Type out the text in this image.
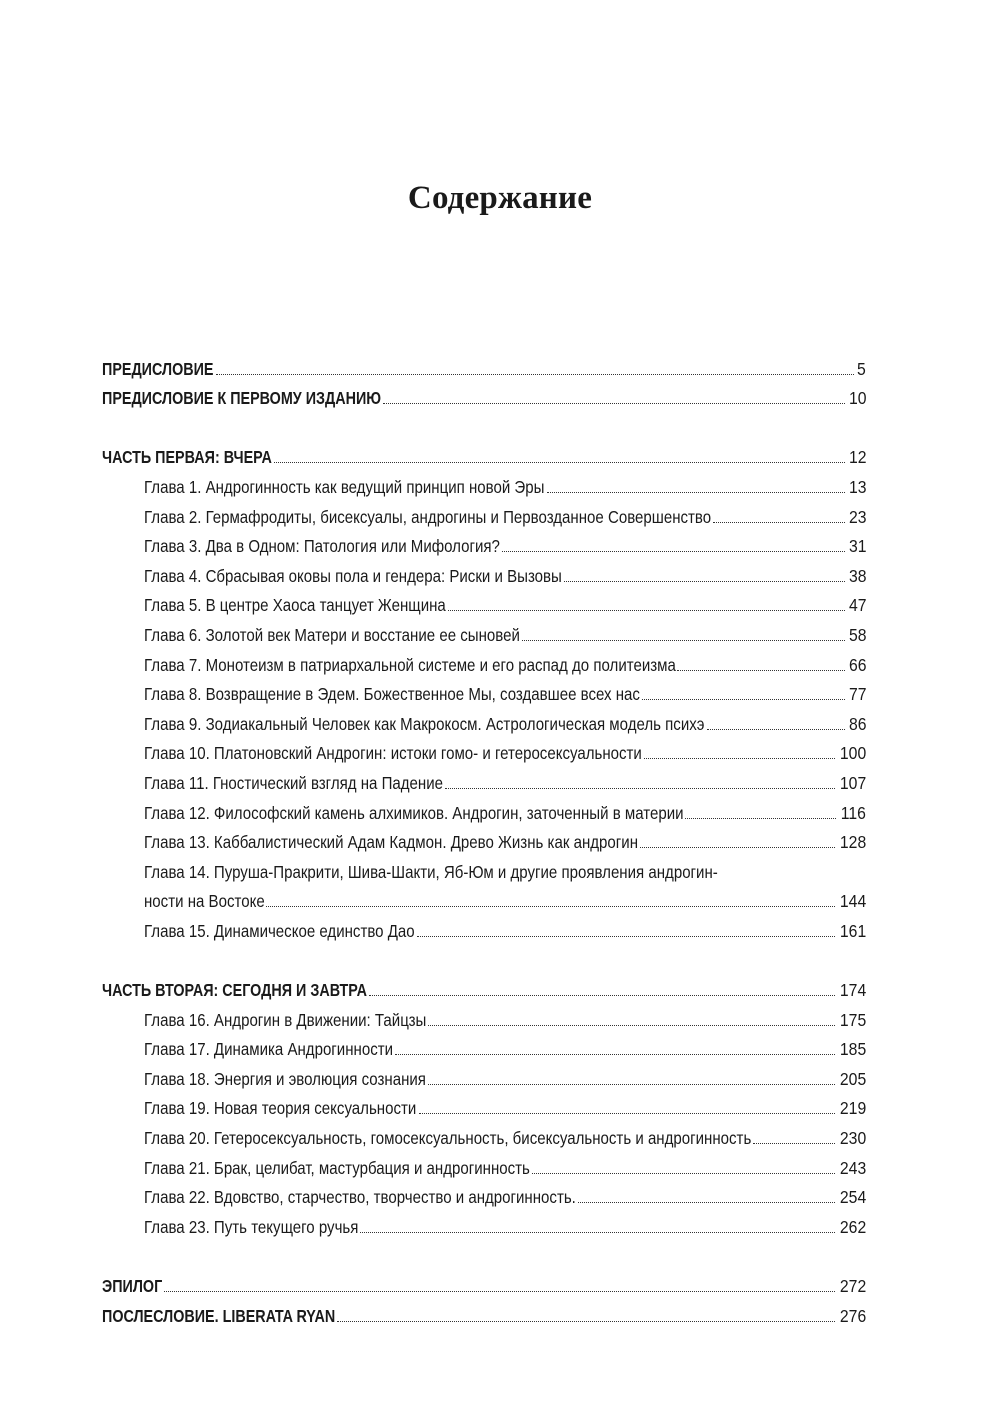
Содержание
ПРЕДИСЛОВИЕ	5
ПРЕДИСЛОВИЕ К ПЕРВОМУ ИЗДАНИЮ	10
ЧАСТЬ ПЕРВАЯ: ВЧЕРА	12
Глава 1. Андрогинность как ведущий принцип новой Эры	13
Глава 2. Гермафродиты, бисексуалы, андрогины и Первозданное Совершенство	23
Глава 3. Два в Одном: Патология или Мифология?	31
Глава 4. Сбрасывая оковы пола и гендера: Риски и Вызовы	38
Глава 5. В центре Хаоса танцует Женщина	47
Глава 6. Золотой век Матери и восстание ее сыновей	58
Глава 7. Монотеизм в патриархальной системе и его распад до политеизма	66
Глава 8. Возвращение в Эдем. Божественное Мы, создавшее всех нас	77
Глава 9. Зодиакальный Человек как Макрокосм. Астрологическая модель психэ	86
Глава 10. Платоновский Андрогин: истоки гомо- и гетеросексуальности	100
Глава 11. Гностический взгляд на Падение	107
Глава 12. Философский камень алхимиков. Андрогин, заточенный в материи	116
Глава 13. Каббалистический Адам Кадмон. Древо Жизнь как андрогин	128
Глава 14. Пуруша-Пракрити, Шива-Шакти, Яб-Юм и другие проявления андрогин-
ности на Востоке	144
Глава 15. Динамическое единство Дао	161
ЧАСТЬ ВТОРАЯ: СЕГОДНЯ И ЗАВТРА	174
Глава 16. Андрогин в Движении: Тайцзы	175
Глава 17. Динамика Андрогинности	185
Глава 18. Энергия и эволюция сознания	205
Глава 19. Новая теория сексуальности	219
Глава 20. Гетеросексуальность, гомосексуальность, бисексуальность и андрогинность	230
Глава 21. Брак, целибат, мастурбация и андрогинность	243
Глава 22. Вдовство, старчество, творчество и андрогинность.	254
Глава 23. Путь текущего ручья	262
ЭПИЛОГ	272
ПОСЛЕСЛОВИЕ. LIBERATA RYAN	276
